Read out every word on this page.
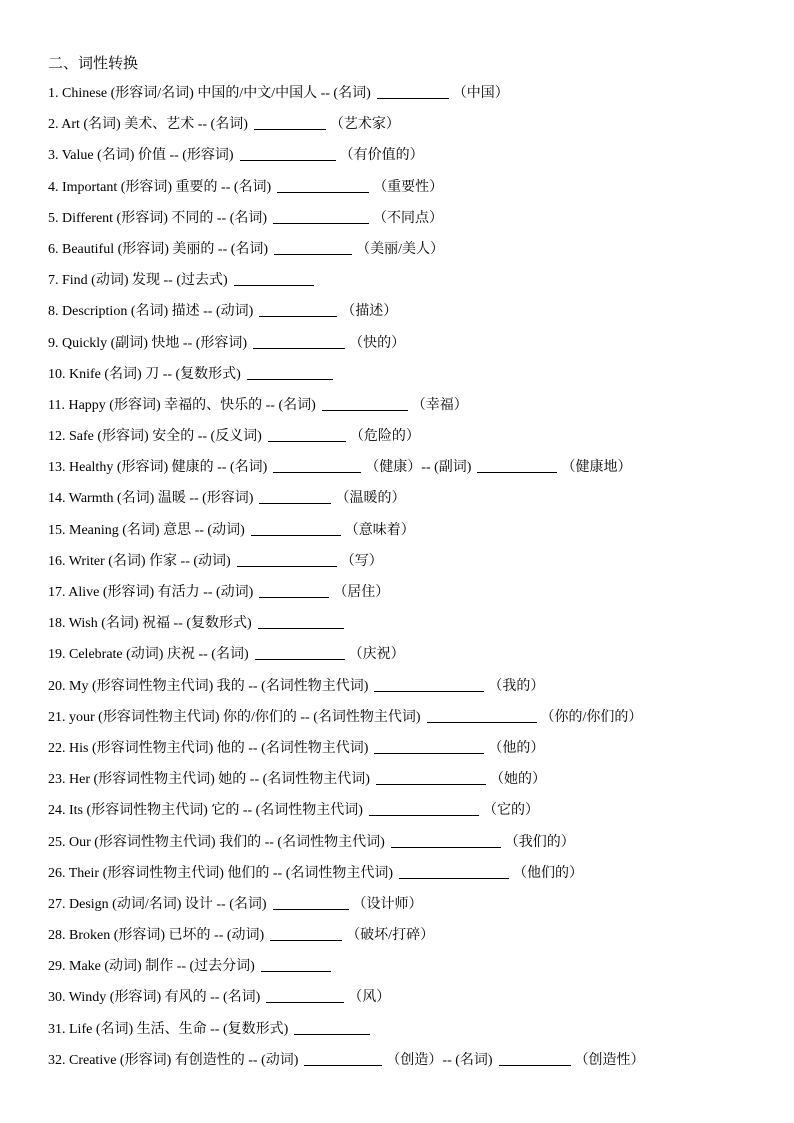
二、词性转换
1. Chinese (形容词/名词) 中国的/中文/中国人 -- (名词)	（中国）
2. Art (名词) 美术、艺术 -- (名词)	（艺术家）
3. Value (名词) 价值 -- (形容词)	（有价值的）
4. Important (形容词) 重要的 -- (名词)	（重要性）
5. Different (形容词) 不同的 -- (名词)	（不同点）
6. Beautiful (形容词) 美丽的 -- (名词)	（美丽/美人）
7. Find (动词) 发现 -- (过去式)
8. Description (名词) 描述 -- (动词)	（描述）
9. Quickly (副词) 快地 -- (形容词)	（快的）
10. Knife (名词) 刀 -- (复数形式)
11. Happy (形容词) 幸福的、快乐的 -- (名词)	（幸福）
12. Safe (形容词) 安全的 -- (反义词)	（危险的）
13. Healthy (形容词) 健康的 -- (名词)	（健康）-- (副词)	（健康地）
14. Warmth (名词) 温暖 -- (形容词)	（温暖的）
15. Meaning (名词) 意思 -- (动词)	（意味着）
16. Writer (名词) 作家 -- (动词)	（写）
17. Alive (形容词) 有活力 -- (动词)	（居住）
18. Wish (名词) 祝福 -- (复数形式)
19. Celebrate (动词) 庆祝 -- (名词)	（庆祝）
20. My (形容词性物主代词) 我的 -- (名词性物主代词)	（我的）
21. your (形容词性物主代词) 你的/你们的 -- (名词性物主代词)	（你的/你们的）
22. His (形容词性物主代词) 他的 -- (名词性物主代词)	（他的）
23. Her (形容词性物主代词) 她的 -- (名词性物主代词)	（她的）
24. Its (形容词性物主代词) 它的 -- (名词性物主代词)	（它的）
25. Our (形容词性物主代词) 我们的 -- (名词性物主代词)	（我们的）
26. Their (形容词性物主代词) 他们的 -- (名词性物主代词)	（他们的）
27. Design (动词/名词) 设计 -- (名词)	（设计师）
28. Broken (形容词) 已坏的 -- (动词)	（破坏/打碎）
29. Make (动词) 制作 -- (过去分词)
30. Windy (形容词) 有风的 -- (名词)	（风）
31. Life (名词) 生活、生命 -- (复数形式)
32. Creative (形容词) 有创造性的 -- (动词)	（创造）-- (名词)	（创造性）
